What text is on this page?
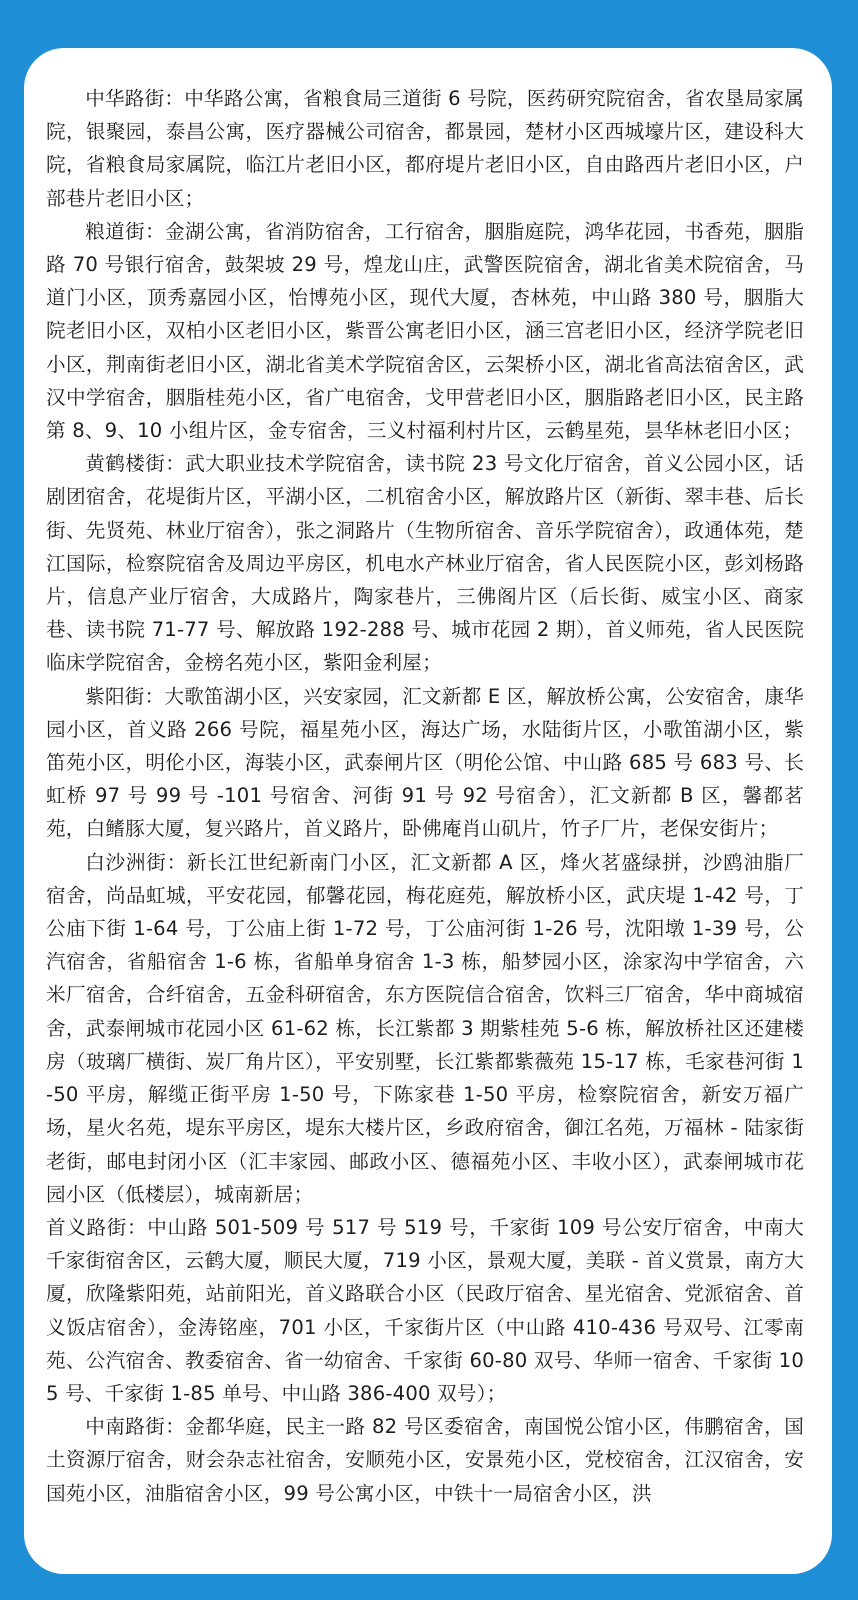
中华路街：中华路公寓，省粮食局三道街 6 号院，医药研究院宿舍，省农垦局家属院，银聚园，泰昌公寓，医疗器械公司宿舍，都景园，楚材小区西城壕片区，建设科大院，省粮食局家属院，临江片老旧小区，都府堤片老旧小区，自由路西片老旧小区，户部巷片老旧小区；

粮道街：金湖公寓，省消防宿舍，工行宿舍，胭脂庭院，鸿华花园，书香苑，胭脂路 70 号银行宿舍，鼓架坡 29 号，煌龙山庄，武警医院宿舍，湖北省美术院宿舍，马道门小区，顶秀嘉园小区，怡博苑小区，现代大厦，杏林苑，中山路 380 号，胭脂大院老旧小区，双柏小区老旧小区，紫晋公寓老旧小区，涵三宫老旧小区，经济学院老旧小区，荆南街老旧小区，湖北省美术学院宿舍区，云架桥小区，湖北省高法宿舍区，武汉中学宿舍，胭脂桂苑小区，省广电宿舍，戈甲营老旧小区，胭脂路老旧小区，民主路第 8、9、10 小组片区，金专宿舍，三义村福利村片区，云鹤星苑，昙华林老旧小区；

黄鹤楼街：武大职业技术学院宿舍，读书院 23 号文化厅宿舍，首义公园小区，话剧团宿舍，花堤街片区，平湖小区，二机宿舍小区，解放路片区（新街、翠丰巷、后长街、先贤苑、林业厅宿舍），张之洞路片（生物所宿舍、音乐学院宿舍），政通体苑，楚江国际，检察院宿舍及周边平房区，机电水产林业厅宿舍，省人民医院小区，彭刘杨路片，信息产业厅宿舍，大成路片，陶家巷片，三佛阁片区（后长街、威宝小区、商家巷、读书院 71-77 号、解放路 192-288 号、城市花园 2 期），首义师苑，省人民医院临床学院宿舍，金榜名苑小区，紫阳金利屋；

紫阳街：大歌笛湖小区，兴安家园，汇文新都 E 区，解放桥公寓，公安宿舍，康华园小区，首义路 266 号院，福星苑小区，海达广场，水陆街片区，小歌笛湖小区，紫笛苑小区，明伦小区，海装小区，武泰闸片区（明伦公馆、中山路 685 号 683 号、长虹桥 97 号 99 号 -101 号宿舍、河街 91 号 92 号宿舍），汇文新都 B 区，馨都茗苑，白鳍豚大厦，复兴路片，首义路片，卧佛庵肖山矶片，竹子厂片，老保安街片；

白沙洲街：新长江世纪新南门小区，汇文新都 A 区，烽火茗盛绿拼，沙鸥油脂厂宿舍，尚品虹城，平安花园，郁馨花园，梅花庭苑，解放桥小区，武庆堤 1-42 号，丁公庙下街 1-64 号，丁公庙上街 1-72 号，丁公庙河街 1-26 号，沈阳墩 1-39 号，公汽宿舍，省船宿舍 1-6 栋，省船单身宿舍 1-3 栋，船梦园小区，涂家沟中学宿舍，六米厂宿舍，合纤宿舍，五金科研宿舍，东方医院信合宿舍，饮料三厂宿舍，华中商城宿舍，武泰闸城市花园小区 61-62 栋，长江紫都 3 期紫桂苑 5-6 栋，解放桥社区还建楼房（玻璃厂横街、炭厂角片区），平安别墅，长江紫都紫薇苑 15-17 栋，毛家巷河街 1-50 平房，解缆正街平房 1-50 号，下陈家巷 1-50 平房，检察院宿舍，新安万福广场，星火名苑，堤东平房区，堤东大楼片区，乡政府宿舍，御江名苑，万福林 - 陆家街老街，邮电封闭小区（汇丰家园、邮政小区、德福苑小区、丰收小区），武泰闸城市花园小区（低楼层），城南新居；

首义路街：中山路 501-509 号 517 号 519 号，千家街 109 号公安厅宿舍，中南大千家街宿舍区，云鹤大厦，顺民大厦，719 小区，景观大厦，美联 - 首义赏景，南方大厦，欣隆紫阳苑，站前阳光，首义路联合小区（民政厅宿舍、星光宿舍、党派宿舍、首义饭店宿舍），金涛铭座，701 小区，千家街片区（中山路 410-436 号双号、江零南苑、公汽宿舍、教委宿舍、省一幼宿舍、千家街 60-80 双号、华师一宿舍、千家街 105 号、千家街 1-85 单号、中山路 386-400 双号）；

中南路街：金都华庭，民主一路 82 号区委宿舍，南国悦公馆小区，伟鹏宿舍，国土资源厅宿舍，财会杂志社宿舍，安顺苑小区，安景苑小区，党校宿舍，江汉宿舍，安国苑小区，油脂宿舍小区，99 号公寓小区，中铁十一局宿舍小区，洪
